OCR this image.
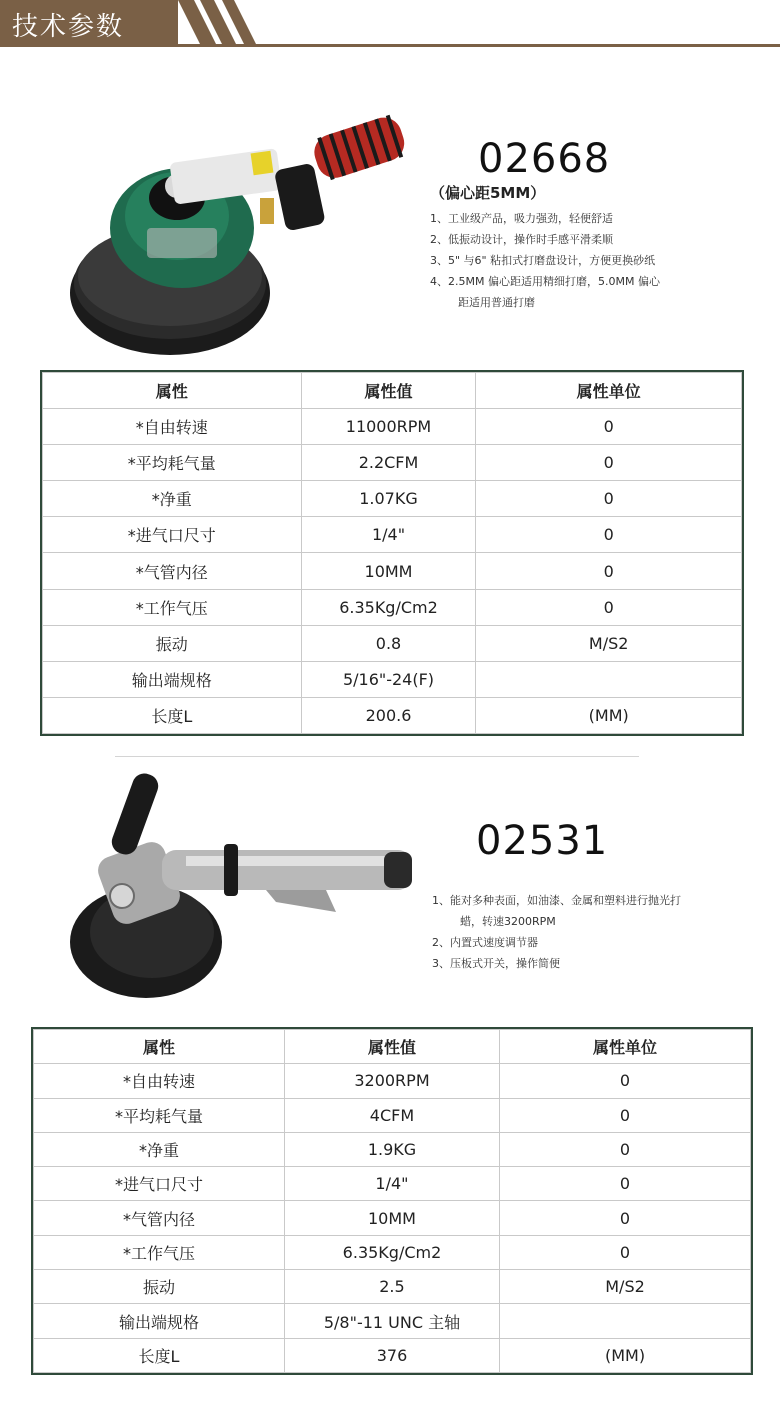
技术参数
02668
（偏心距5MM）
1、工业级产品，吸力强劲，轻便舒适
2、低振动设计，操作时手感平滑柔顺
3、5" 与6" 粘扣式打磨盘设计，方便更换砂纸
4、2.5MM 偏心距适用精细打磨，5.0MM 偏心
距适用普通打磨
属性	属性值	属性单位
*自由转速	11000RPM	0
*平均耗气量	2.2CFM	0
*净重	1.07KG	0
*进气口尺寸	1/4"	0
*气管内径	10MM	0
*工作气压	6.35Kg/Cm2	0
振动	0.8	M/S2
输出端规格	5/16"-24(F)	
长度L	200.6	(MM)
02531
1、能对多种表面，如油漆、金属和塑料进行抛光打
蜡，转速3200RPM
2、内置式速度调节器
3、压板式开关，操作简便
属性	属性值	属性单位
*自由转速	3200RPM	0
*平均耗气量	4CFM	0
*净重	1.9KG	0
*进气口尺寸	1/4"	0
*气管内径	10MM	0
*工作气压	6.35Kg/Cm2	0
振动	2.5	M/S2
输出端规格	5/8"-11 UNC 主轴	
长度L	376	(MM)
